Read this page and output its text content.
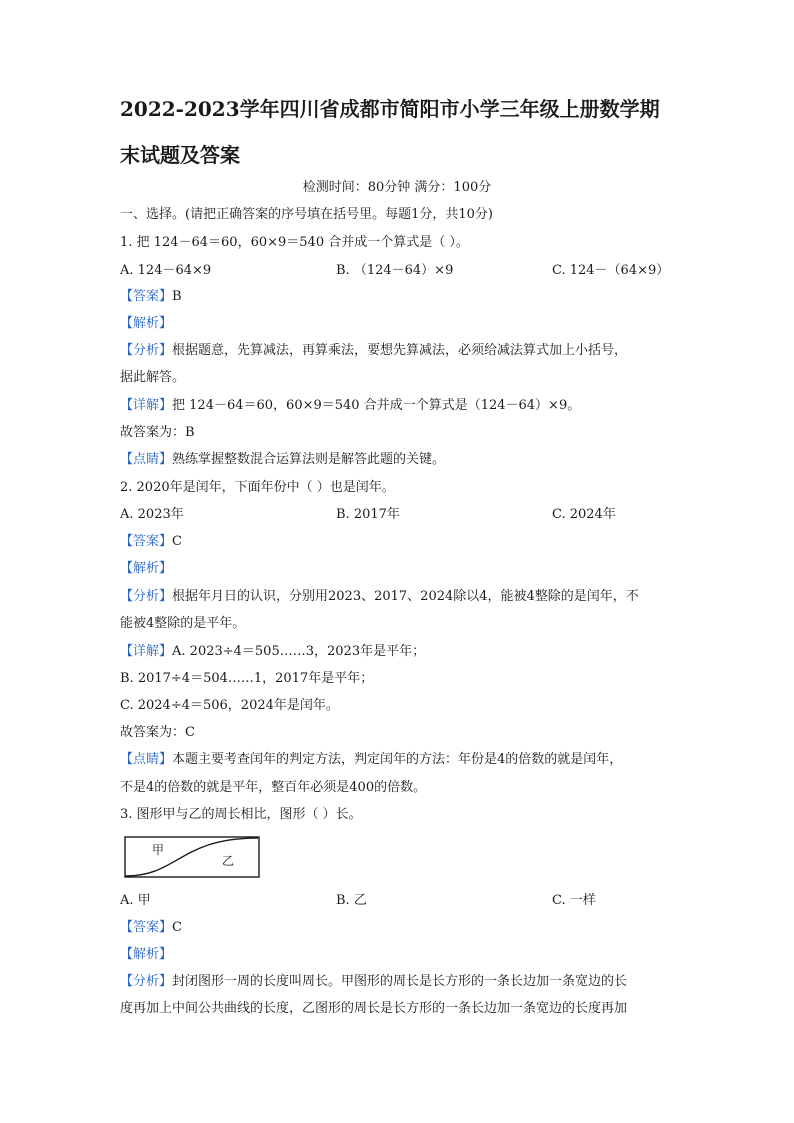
2022-2023学年四川省成都市简阳市小学三年级上册数学期
末试题及答案

检测时间：80分钟 满分：100分

一、选择。(请把正确答案的序号填在括号里。每题1分，共10分)

1. 把 124－64＝60，60×9＝540 合并成一个算式是（ ）。

A. 124－64×9	B. （124－64）×9	C. 124－（64×9）

【答案】B

【解析】

【分析】根据题意，先算减法，再算乘法，要想先算减法，必须给减法算式加上小括号，

据此解答。

【详解】把 124－64＝60，60×9＝540 合并成一个算式是（124－64）×9。

故答案为：B

【点睛】熟练掌握整数混合运算法则是解答此题的关键。

2. 2020年是闰年，下面年份中（ ）也是闰年。

A. 2023年	B. 2017年	C. 2024年

【答案】C

【解析】

【分析】根据年月日的认识，分别用2023、2017、2024除以4，能被4整除的是闰年，不

能被4整除的是平年。

【详解】A. 2023÷4＝505……3，2023年是平年；

B. 2017÷4＝504……1，2017年是平年；

C. 2024÷4＝506，2024年是闰年。

故答案为：C

【点睛】本题主要考查闰年的判定方法，判定闰年的方法：年份是4的倍数的就是闰年，

不是4的倍数的就是平年，整百年必须是400的倍数。

3. 图形甲与乙的周长相比，图形（ ）长。

甲
乙
A. 甲	B. 乙	C. 一样

【答案】C

【解析】

【分析】封闭图形一周的长度叫周长。甲图形的周长是长方形的一条长边加一条宽边的长

度再加上中间公共曲线的长度，乙图形的周长是长方形的一条长边加一条宽边的长度再加
